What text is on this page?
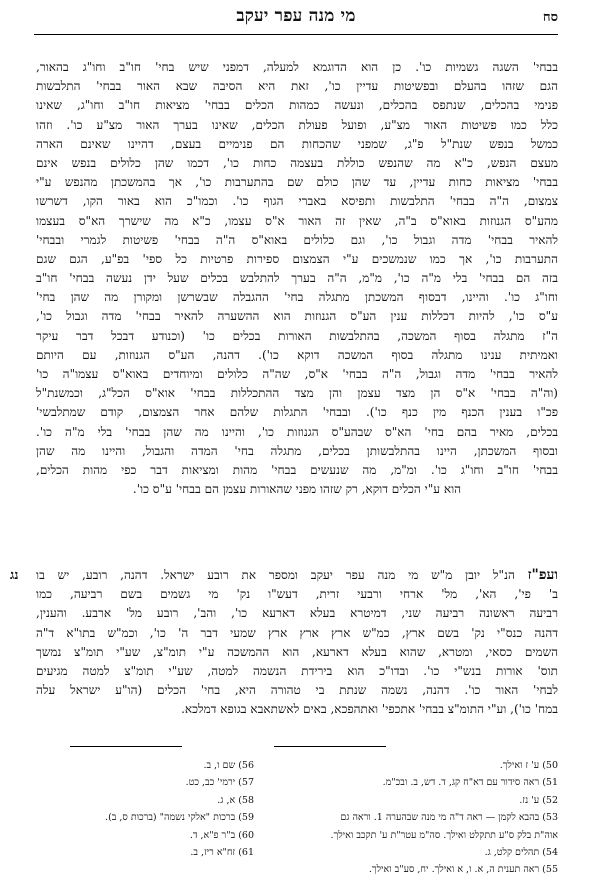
סח
מי מנה עפר יעקב
בבחי' השגה גשמיות כו'. כן הוא הדוגמא למעלה, דמפני שיש בחי' חו"ב וחו"ג בהאור,
הגם שזהו בהעלם ובפשיטות עדיין כו', זאת היא הסיבה שבא האור בבחי' התלבשות
פנימי בהכלים, שנתפס בהכלים, ונעשה כמהות הכלים בבחי' מציאות חו"ב וחו"ג, שאינו
כלל כמו פשיטות האור מצ"ע, ופועל פעולת הכלים, שאינו בערך האור מצ"ע כו'. וזהו
כמשל בנפש שנת"ל פ"ג, שמפני שהכחות הם פנימיים בעצם, דהיינו שאינם הארה
מעצם הנפש, כ"א מה שהנפש כוללת בעצמה כחות כו', דכמו שהן כלולים בנפש אינם
בבחי' מציאות כחות עדיין, עד שהן כולם שם בהתערבות כו', אך בהמשכתן מהנפש ע"י
צמצום, ה"ה בבחי' התלבשות ותפיסא באברי הגוף כו'. וכמו"כ הוא באור הקו, דשרשו
מהע"ס הגנוזות באוא"ס ב"ה, שאין זה האור א"ס עצמו, כ"א מה שישרך הא"ס בעצמו
להאיר בבחי' מדה וגבול כו', וגם כלולים באוא"ס ה"ה בבחי' פשיטות לגמרי ובבחי'
התערבות כו', אך כמו שנמשכים ע"י הצמצום ספירות פרטיות כל ספי' בפ"ע, הגם שגם
בזה הם בבחי' בלי מ"ה כו', מ"מ, ה"ה בערך להתלבש בכלים שעל ידן נעשה בבחי' חו"ב
וחו"ג כו'. והיינו, דבסוף המשכתן מתגלה בחי' ההגבלה שבשרשן ומקורן מה שהן בחי'
ע"ס כו', להיות דכללות ענין הע"ס הגנוזות הוא ההשערה להאיר בבחי' מדה וגבול כו',
ה"ז מתגלה בסוף המשכה, בהתלבשות האורות בכלים כו' (וכנודע דבכל דבר עיקר
ואמיתית ענינו מתגלה בסוף המשכה דוקא כו'). דהנה, הע"ס הגנוזות, עם היותם
להאיר בבחי' מדה וגבול, ה"ה בבחי' א"ס, שה"ה כלולים ומיוחדים באוא"ס עצמו"ה כו'
(וה"ה בבחי' א"ס הן מצד עצמן והן מצד ההתכללות בבחי' אוא"ס הכל"ג, וכמשנת"ל
פכ"ו בענין הכנף מין כנף כו'). ובבחי' התגלות שלהם אחר הצמצום, קודם שמתלבשי'
בכלים, מאיר בהם בחי' הא"ס שבהע"ס הגנוזות כו', והיינו מה שהן בבחי' בלי מ"ה כו'.
ובסוף המשכתן, היינו בהתלבשותן בכלים, מתגלה בחי' המדה והגבול, והיינו מה שהן
בבחי' חו"ב וחו"ג כו'. ומ"מ, מה שנעשים בבחי' מהות ומציאות דבר כפי מהות הכלים,
הוא ע"י הכלים דוקא, רק שזהו מפני שהאורות עצמן הם בבחי' ע"ס כו'.
נג	ועפ"ז הנ"ל יובן מ"ש מי מנה עפר יעקב ומספר את רובע ישראל. דהנה, רובע, יש בו
ב' פי', הא', מל' ארחי ורבעי זרית, דעש"ו נק' מי גשמים בשם רביעה, כמו
רביעה ראשונה רביעה שני, דמיטרא בעלא דארעא כו', והב', רובע מל' ארבע. והענין,
דהנה כנס"י נק' בשם ארץ, כמ"ש ארץ ארץ ארץ שמעי דבר ה' כו', וכמ"ש בתו"א ד"ה
השמים כסאי, ומטרא, שהוא בעלא דארעא, הוא ההמשכה ע"י תומ"צ, שע"י תומ"צ נמשך
תוס' אורות בנש"י כו'. ובדו"כ הוא בירידת הנשמה למטה, שע"י תומ"צ למטה מגיעים
לבחי' האור כו'. דהנה, נשמה שנתת בי טהורה היא, בחי' הכלים (הו"ע ישראל עלה
במח' כו'), וע"י התומ"צ בבחי' אתכפי' ואתהפכא, באים לאשתאבא בגופא דמלכא.
50) ע' ז ואילך.
51) ראה סידור עם דא"ח קג, ד. דש, ב. ובכ"מ.
52) ע' נז.
53) בהבא לקמן — ראה ד"ה מי מנה שבהערה 1. וראה גם
אוה"ת בלק ס"ע תתקלט ואילך. סה"מ עטר"ת ע' תקכב ואילך.
54) תהלים קלט, ג.
55) ראה תענית ה, א. ו, א ואילך. יח, סע"ב ואילך.
56) שם ו, ב.
57) ירמי' כב, כט.
58) א, ג.
59) ברכות "אלקי נשמה" (ברכות ס, ב).
60) ב"ר פ"א, ד.
61) זח"א ריז, ב.
